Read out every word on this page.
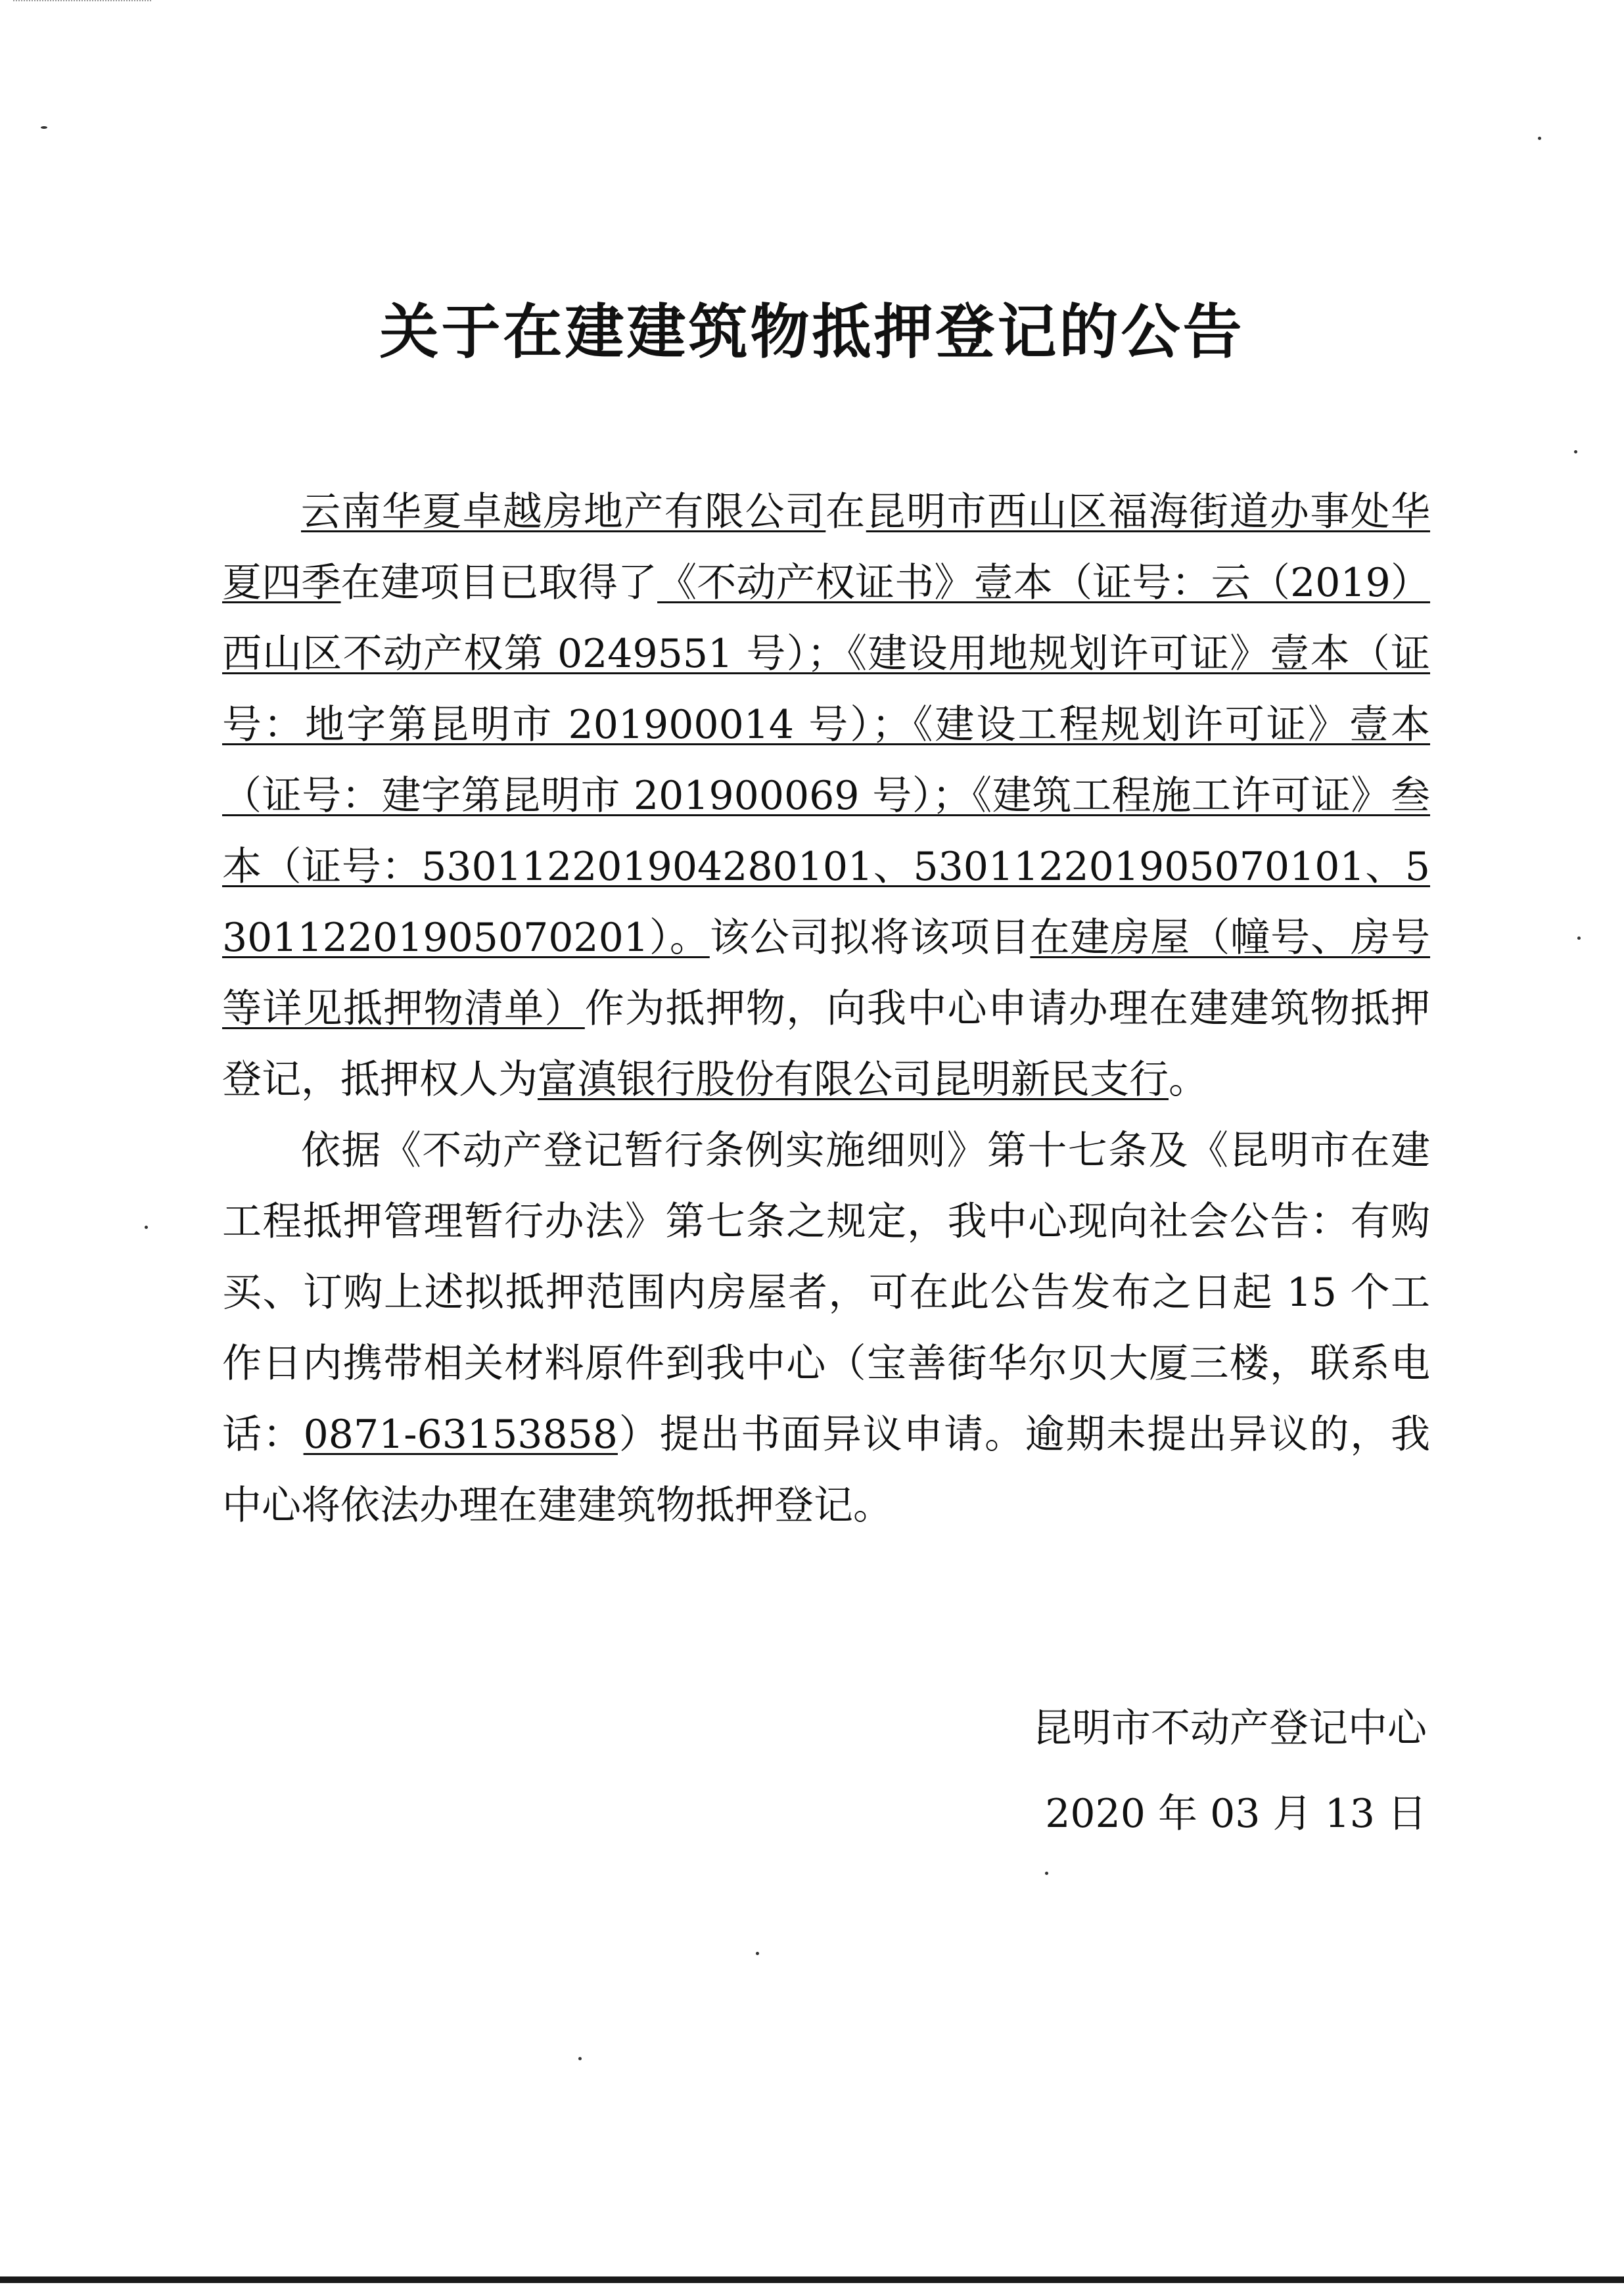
关于在建建筑物抵押登记的公告

云南华夏卓越房地产有限公司在昆明市西山区福海街道办事处华夏四季在建项目已取得了《不动产权证书》壹本（证号：云（2019）西山区不动产权第 0249551 号）；《建设用地规划许可证》壹本（证号：地字第昆明市 201900014 号）；《建设工程规划许可证》壹本（证号：建字第昆明市 201900069 号）；《建筑工程施工许可证》叁本（证号：530112201904280101、530112201905070101、530112201905070201）。该公司拟将该项目在建房屋（幢号、房号等详见抵押物清单）作为抵押物，向我中心申请办理在建建筑物抵押登记，抵押权人为富滇银行股份有限公司昆明新民支行。

依据《不动产登记暂行条例实施细则》第十七条及《昆明市在建工程抵押管理暂行办法》第七条之规定，我中心现向社会公告：有购买、订购上述拟抵押范围内房屋者，可在此公告发布之日起 15 个工作日内携带相关材料原件到我中心（宝善街华尔贝大厦三楼，联系电话：0871-63153858）提出书面异议申请。逾期未提出异议的，我中心将依法办理在建建筑物抵押登记。

昆明市不动产登记中心
2020 年 03 月 13 日
